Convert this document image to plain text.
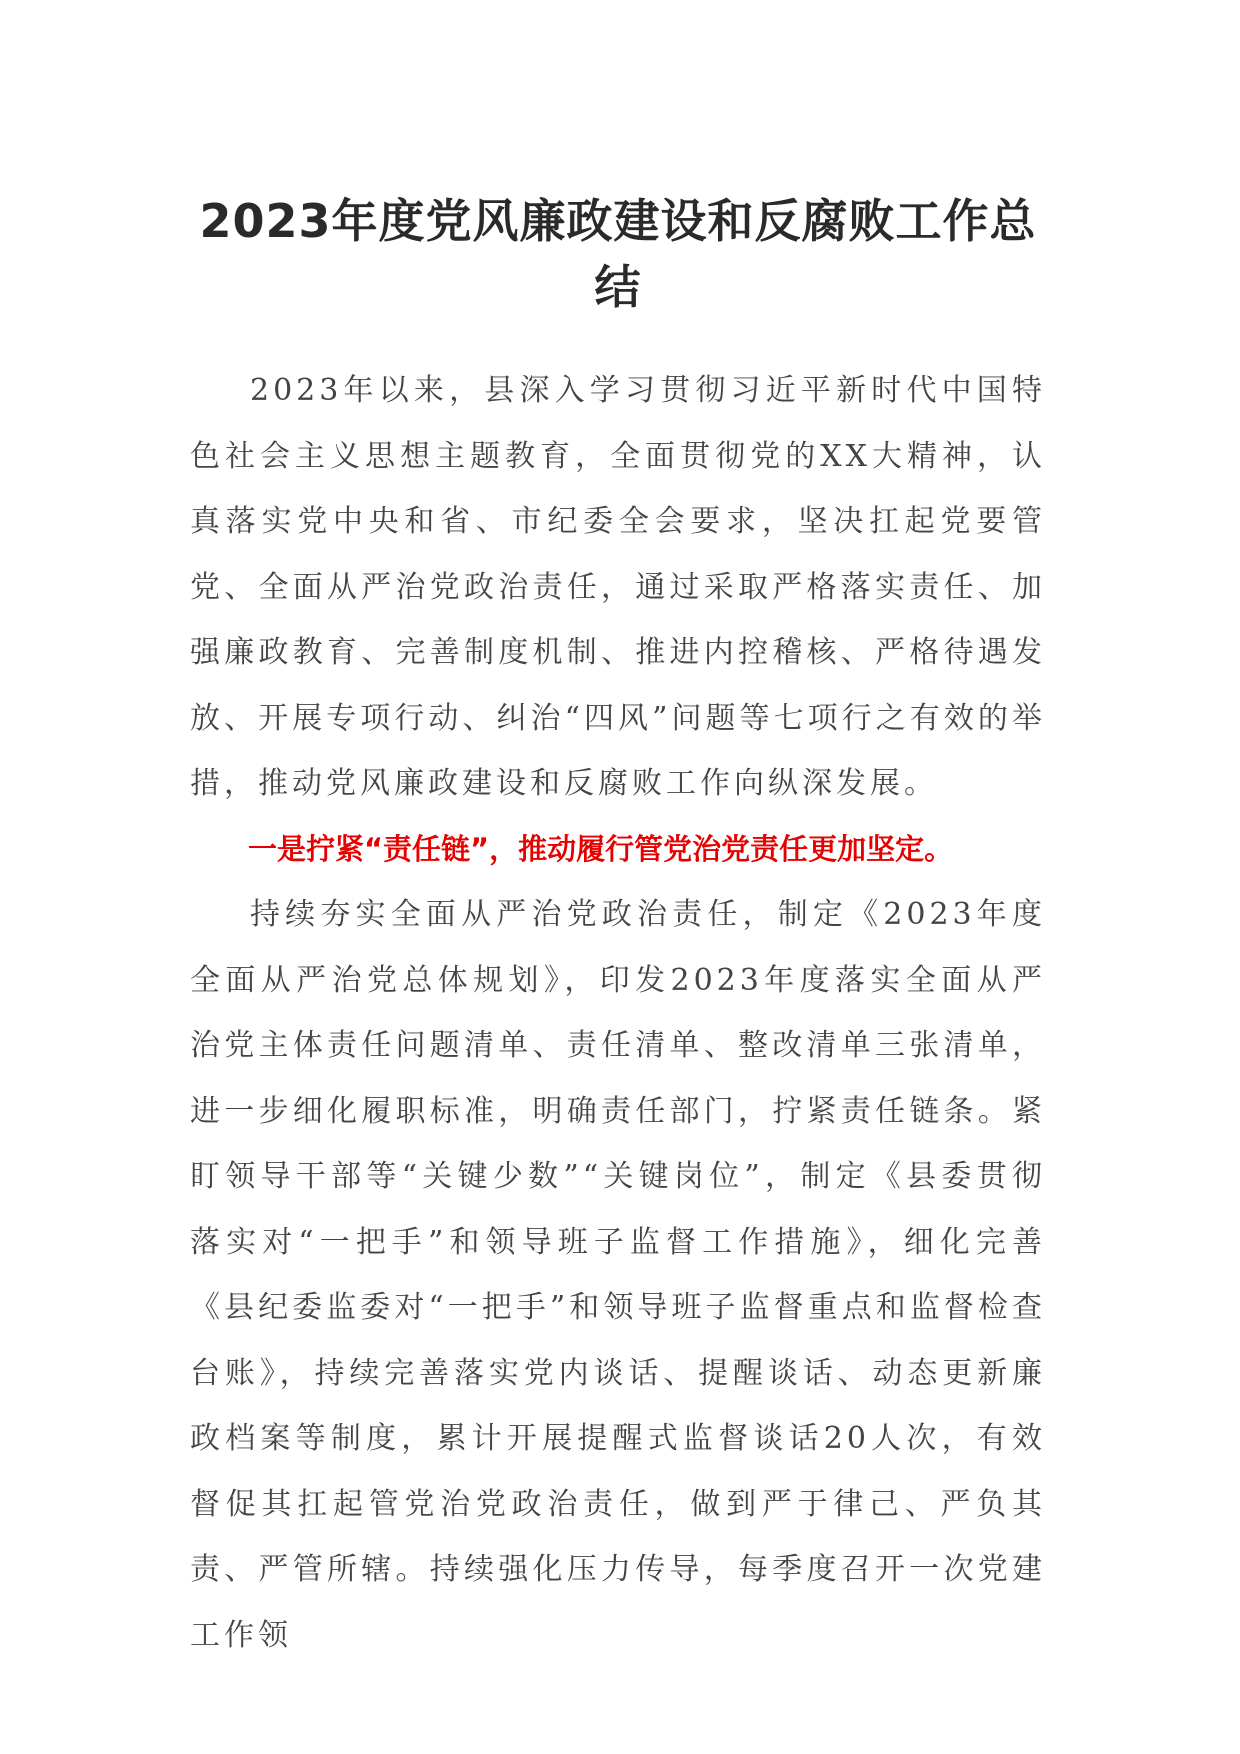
2023年度党风廉政建设和反腐败工作总结

2023年以来，县深入学习贯彻习近平新时代中国特色社会主义思想主题教育，全面贯彻党的XX大精神，认真落实党中央和省、市纪委全会要求，坚决扛起党要管党、全面从严治党政治责任，通过采取严格落实责任、加强廉政教育、完善制度机制、推进内控稽核、严格待遇发放、开展专项行动、纠治“四风”问题等七项行之有效的举措，推动党风廉政建设和反腐败工作向纵深发展。

一是拧紧“责任链”，推动履行管党治党责任更加坚定。

持续夯实全面从严治党政治责任，制定《2023年度全面从严治党总体规划》，印发2023年度落实全面从严治党主体责任问题清单、责任清单、整改清单三张清单，进一步细化履职标准，明确责任部门，拧紧责任链条。紧盯领导干部等“关键少数”“关键岗位”，制定《县委贯彻落实对“一把手”和领导班子监督工作措施》，细化完善《县纪委监委对“一把手”和领导班子监督重点和监督检查台账》，持续完善落实党内谈话、提醒谈话、动态更新廉政档案等制度，累计开展提醒式监督谈话20人次，有效督促其扛起管党治党政治责任，做到严于律己、严负其责、严管所辖。持续强化压力传导，每季度召开一次党建工作领
